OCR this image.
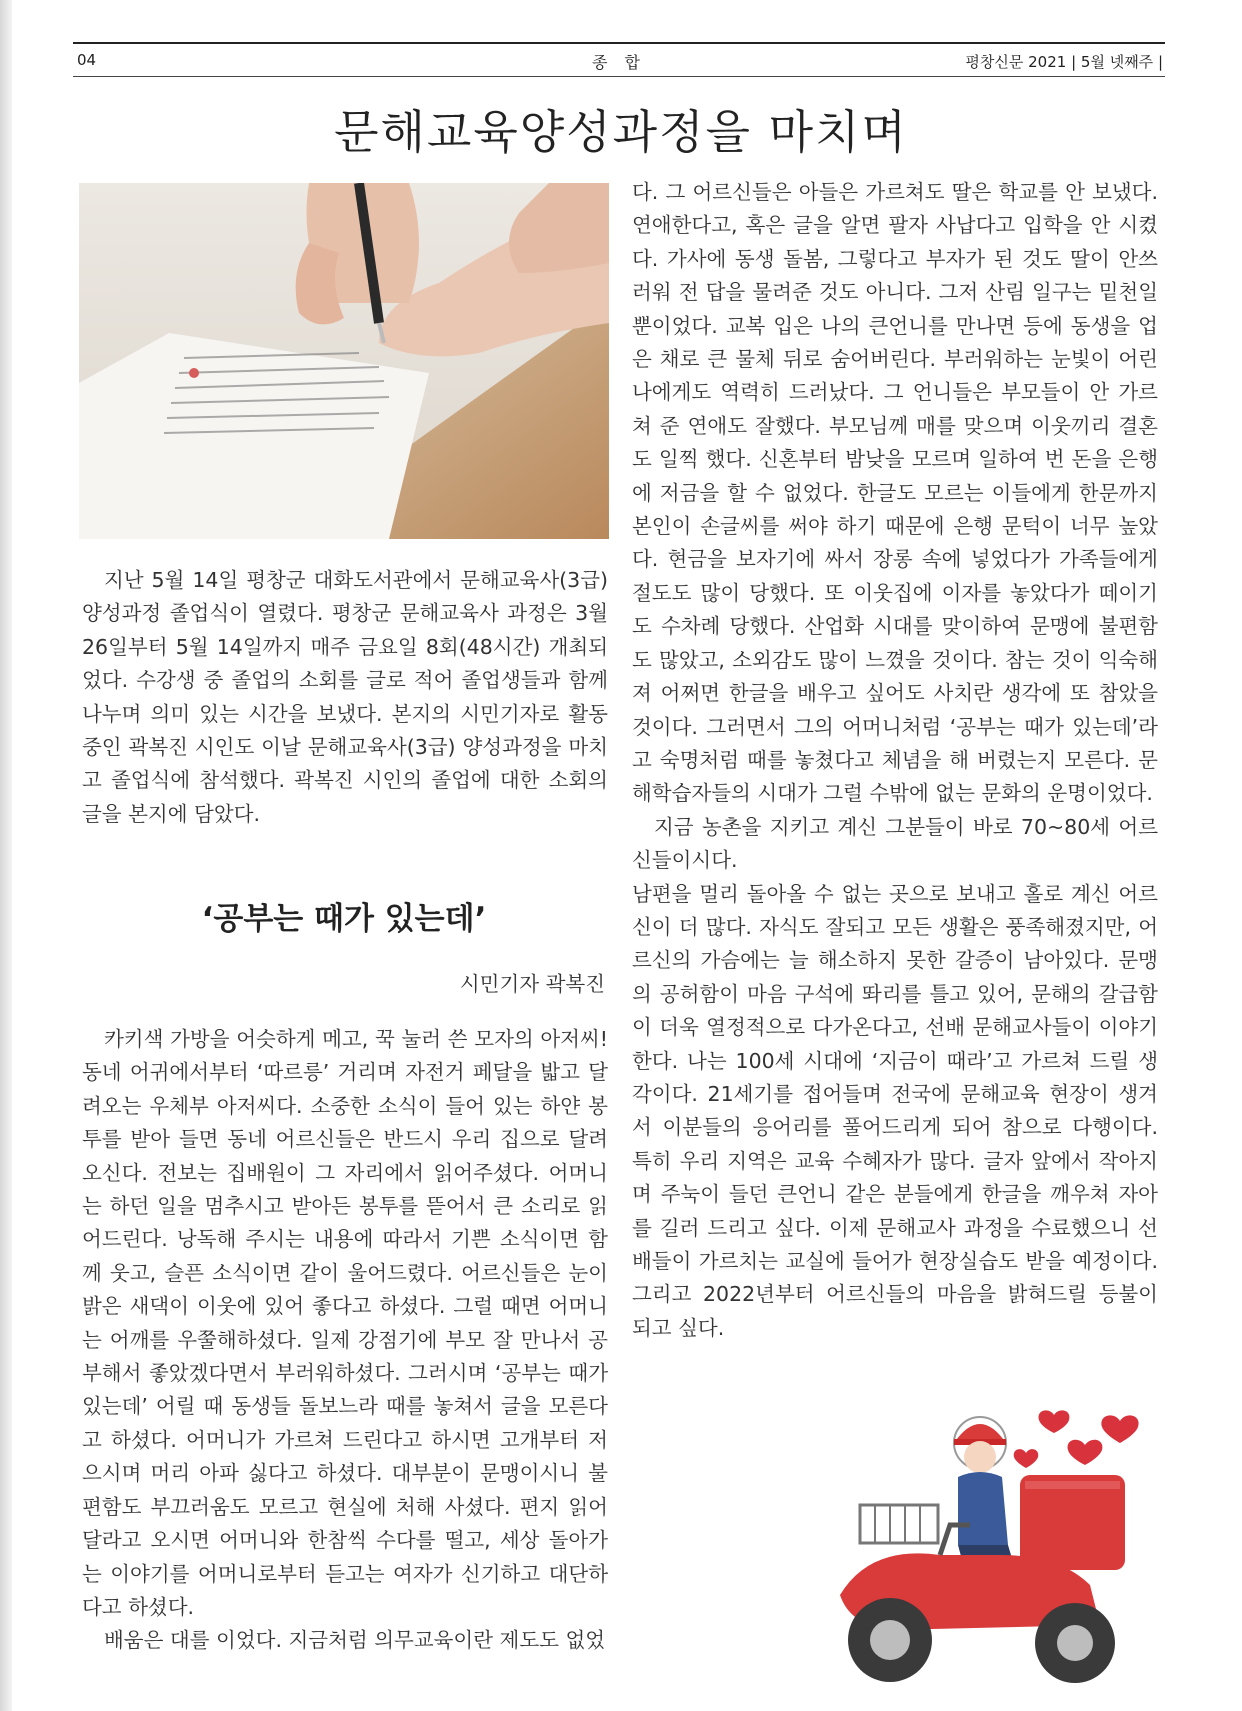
04	종 합	평창신문 2021 | 5월 넷째주 |
문해교육양성과정을 마치며

지난 5월 14일 평창군 대화도서관에서 문해교육사(3급) 양성과정 졸업식이 열렸다. 평창군 문해교육사 과정은 3월 26일부터 5월 14일까지 매주 금요일 8회(48시간) 개최되었다. 수강생 중 졸업의 소회를 글로 적어 졸업생들과 함께 나누며 의미 있는 시간을 보냈다. 본지의 시민기자로 활동중인 곽복진 시인도 이날 문해교육사(3급) 양성과정을 마치고 졸업식에 참석했다. 곽복진 시인의 졸업에 대한 소회의 글을 본지에 담았다.

‘공부는 때가 있는데’
시민기자 곽복진

카키색 가방을 어슷하게 메고, 꾹 눌러 쓴 모자의 아저씨! 동네 어귀에서부터 ‘따르릉’ 거리며 자전거 페달을 밟고 달려오는 우체부 아저씨다. 소중한 소식이 들어 있는 하얀 봉투를 받아 들면 동네 어르신들은 반드시 우리 집으로 달려오신다. 전보는 집배원이 그 자리에서 읽어주셨다. 어머니는 하던 일을 멈추시고 받아든 봉투를 뜯어서 큰 소리로 읽어드린다. 낭독해 주시는 내용에 따라서 기쁜 소식이면 함께 웃고, 슬픈 소식이면 같이 울어드렸다. 어르신들은 눈이 밝은 새댁이 이웃에 있어 좋다고 하셨다. 그럴 때면 어머니는 어깨를 우쭐해하셨다. 일제 강점기에 부모 잘 만나서 공부해서 좋았겠다면서 부러워하셨다. 그러시며 ‘공부는 때가 있는데’ 어릴 때 동생들 돌보느라 때를 놓쳐서 글을 모른다고 하셨다. 어머니가 가르쳐 드린다고 하시면 고개부터 저으시며 머리 아파 싫다고 하셨다. 대부분이 문맹이시니 불편함도 부끄러움도 모르고 현실에 처해 사셨다. 편지 읽어 달라고 오시면 어머니와 한참씩 수다를 떨고, 세상 돌아가는 이야기를 어머니로부터 듣고는 여자가 신기하고 대단하다고 하셨다.

배움은 대를 이었다. 지금처럼 의무교육이란 제도도 없었

다. 그 어르신들은 아들은 가르쳐도 딸은 학교를 안 보냈다. 연애한다고, 혹은 글을 알면 팔자 사납다고 입학을 안 시켰다. 가사에 동생 돌봄, 그렇다고 부자가 된 것도 딸이 안쓰러워 전 답을 물려준 것도 아니다. 그저 산림 일구는 밑천일 뿐이었다. 교복 입은 나의 큰언니를 만나면 등에 동생을 업은 채로 큰 물체 뒤로 숨어버린다. 부러워하는 눈빛이 어린 나에게도 역력히 드러났다. 그 언니들은 부모들이 안 가르쳐 준 연애도 잘했다. 부모님께 매를 맞으며 이웃끼리 결혼도 일찍 했다. 신혼부터 밤낮을 모르며 일하여 번 돈을 은행에 저금을 할 수 없었다. 한글도 모르는 이들에게 한문까지 본인이 손글씨를 써야 하기 때문에 은행 문턱이 너무 높았다. 현금을 보자기에 싸서 장롱 속에 넣었다가 가족들에게 절도도 많이 당했다. 또 이웃집에 이자를 놓았다가 떼이기도 수차례 당했다. 산업화 시대를 맞이하여 문맹에 불편함도 많았고, 소외감도 많이 느꼈을 것이다. 참는 것이 익숙해져 어쩌면 한글을 배우고 싶어도 사치란 생각에 또 참았을 것이다. 그러면서 그의 어머니처럼 ‘공부는 때가 있는데’라고 숙명처럼 때를 놓쳤다고 체념을 해 버렸는지 모른다. 문해학습자들의 시대가 그럴 수밖에 없는 문화의 운명이었다.

지금 농촌을 지키고 계신 그분들이 바로 70~80세 어르신들이시다.

남편을 멀리 돌아올 수 없는 곳으로 보내고 홀로 계신 어르신이 더 많다. 자식도 잘되고 모든 생활은 풍족해졌지만, 어르신의 가슴에는 늘 해소하지 못한 갈증이 남아있다. 문맹의 공허함이 마음 구석에 똬리를 틀고 있어, 문해의 갈급함이 더욱 열정적으로 다가온다고, 선배 문해교사들이 이야기한다. 나는 100세 시대에 ‘지금이 때라’고 가르쳐 드릴 생각이다. 21세기를 접어들며 전국에 문해교육 현장이 생겨서 이분들의 응어리를 풀어드리게 되어 참으로 다행이다. 특히 우리 지역은 교육 수혜자가 많다. 글자 앞에서 작아지며 주눅이 들던 큰언니 같은 분들에게 한글을 깨우쳐 자아를 길러 드리고 싶다. 이제 문해교사 과정을 수료했으니 선배들이 가르치는 교실에 들어가 현장실습도 받을 예정이다. 그리고 2022년부터 어르신들의 마음을 밝혀드릴 등불이 되고 싶다.
